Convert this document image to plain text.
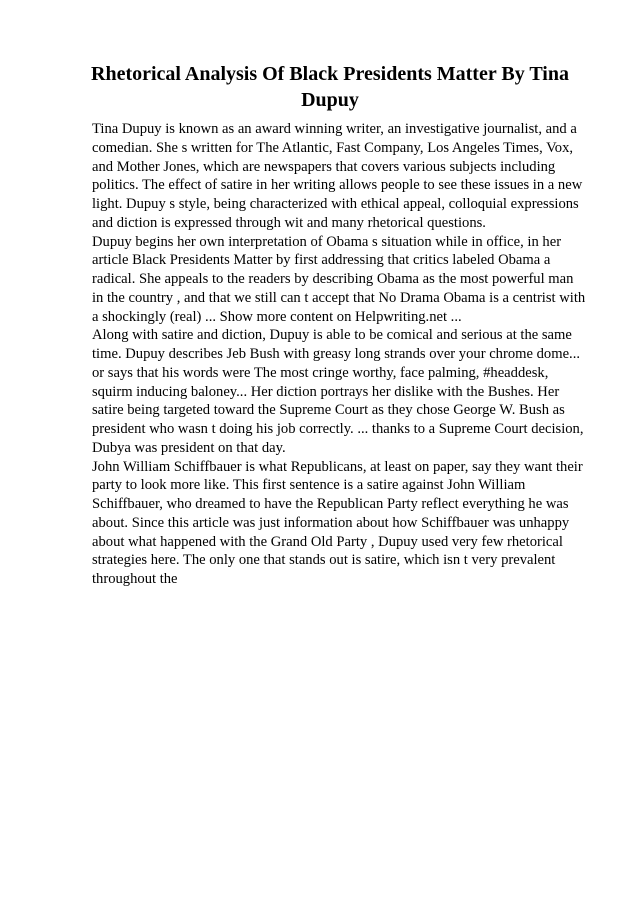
Rhetorical Analysis Of Black Presidents Matter By Tina
Dupuy
Tina Dupuy is known as an award winning writer, an investigative journalist, and a
comedian. She s written for The Atlantic, Fast Company, Los Angeles Times, Vox,
and Mother Jones, which are newspapers that covers various subjects including
politics. The effect of satire in her writing allows people to see these issues in a new
light. Dupuy s style, being characterized with ethical appeal, colloquial expressions
and diction is expressed through wit and many rhetorical questions.
Dupuy begins her own interpretation of Obama s situation while in office, in her
article Black Presidents Matter by first addressing that critics labeled Obama a
radical. She appeals to the readers by describing Obama as the most powerful man
in the country , and that we still can t accept that No Drama Obama is a centrist with
a shockingly (real) ... Show more content on Helpwriting.net ...
Along with satire and diction, Dupuy is able to be comical and serious at the same
time. Dupuy describes Jeb Bush with greasy long strands over your chrome dome...
or says that his words were The most cringe worthy, face palming, #headdesk,
squirm inducing baloney... Her diction portrays her dislike with the Bushes. Her
satire being targeted toward the Supreme Court as they chose George W. Bush as
president who wasn t doing his job correctly. ... thanks to a Supreme Court decision,
Dubya was president on that day.
John William Schiffbauer is what Republicans, at least on paper, say they want their
party to look more like. This first sentence is a satire against John William
Schiffbauer, who dreamed to have the Republican Party reflect everything he was
about. Since this article was just information about how Schiffbauer was unhappy
about what happened with the Grand Old Party , Dupuy used very few rhetorical
strategies here. The only one that stands out is satire, which isn t very prevalent
throughout the
